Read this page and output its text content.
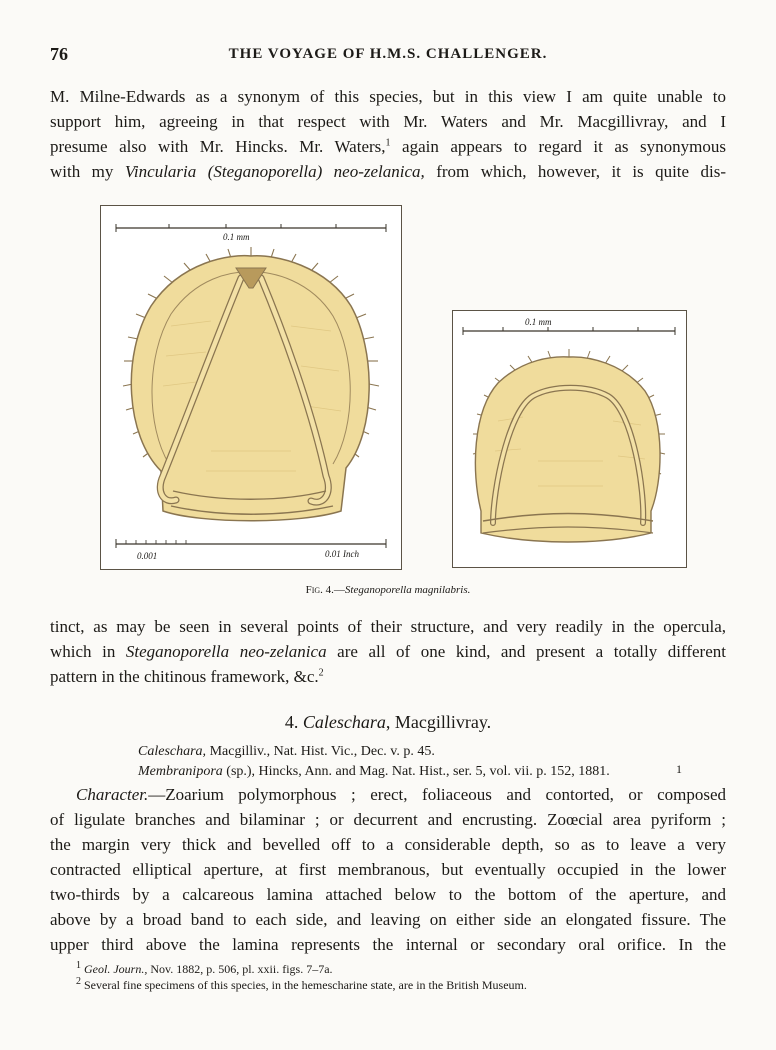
76	THE VOYAGE OF H.M.S. CHALLENGER.
M. Milne-Edwards as a synonym of this species, but in this view I am quite unable to
support him, agreeing in that respect with Mr. Waters and Mr. Macgillivray, and I
presume also with Mr. Hincks. Mr. Waters,$^1$ again appears to regard it as synonymous
with my Vincularia (Steganoporella) neo-zelanica, from which, however, it is quite dis-
0.1 mm
0.001	0.01 Inch
0.1 mm
Fig. 4.—Steganoporella magnilabris.
tinct, as may be seen in several points of their structure, and very readily in the opercula,
which in Steganoporella neo-zelanica are all of one kind, and present a totally different
pattern in the chitinous framework, &c.$^2$
4. Caleschara, Macgillivray.
Caleschara, Macgilliv., Nat. Hist. Vic., Dec. v. p. 45.
Membranipora (sp.), Hincks, Ann. and Mag. Nat. Hist., ser. 5, vol. vii. p. 152, 1881.	1
Character.—Zoarium polymorphous ; erect, foliaceous and contorted, or composed
of ligulate branches and bilaminar ; or decurrent and encrusting. Zoœcial area pyriform ;
the margin very thick and bevelled off to a considerable depth, so as to leave a very
contracted elliptical aperture, at first membranous, but eventually occupied in the lower
two-thirds by a calcareous lamina attached below to the bottom of the aperture, and
above by a broad band to each side, and leaving on either side an elongated fissure. The
upper third above the lamina represents the internal or secondary oral orifice. In the
$^1$ Geol. Journ., Nov. 1882, p. 506, pl. xxii. figs. 7–7a.
$^2$ Several fine specimens of this species, in the hemescharine state, are in the British Museum.
